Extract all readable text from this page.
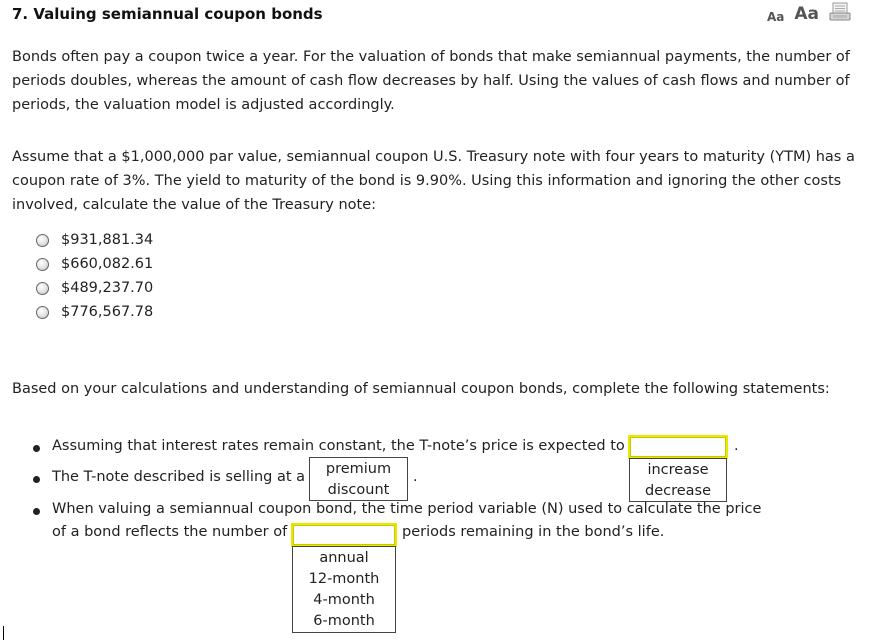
7. Valuing semiannual coupon bonds	Aa Aa
Bonds often pay a coupon twice a year. For the valuation of bonds that make semiannual payments, the number of periods doubles, whereas the amount of cash flow decreases by half. Using the values of cash flows and number of periods, the valuation model is adjusted accordingly.
Assume that a $1,000,000 par value, semiannual coupon U.S. Treasury note with four years to maturity (YTM) has a coupon rate of 3%. The yield to maturity of the bond is 9.90%. Using this information and ignoring the other costs involved, calculate the value of the Treasury note:
$931,881.34
$660,082.61
$489,237.70
$776,567.78
Based on your calculations and understanding of semiannual coupon bonds, complete the following statements:
Assuming that interest rates remain constant, the T-note’s price is expected to	.
increase
decrease
The T-note described is selling at a
premium
discount
.
When valuing a semiannual coupon bond, the time period variable (N) used to calculate the price
of a bond reflects the number of	periods remaining in the bond’s life.
annual
12-month
4-month
6-month
